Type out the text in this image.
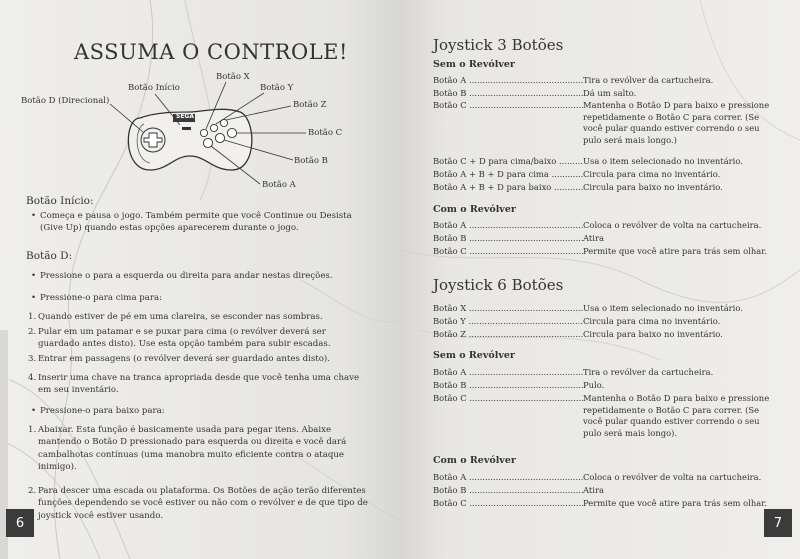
ASSUMA O CONTROLE!
Botão D (Direcional)
Botão Início
Botão X
Botão Y
Botão Z
Botão C
Botão B
Botão A
SEGA
Botão Início:
• Começa e pausa o jogo. Também permite que você Continue ou Desista (Give Up) quando estas opções aparecerem durante o jogo.
Botão D:
• Pressione o para a esquerda ou direita para andar nestas direções.
• Pressione-o para cima para:
1. Quando estiver de pé em uma clareira, se esconder nas sombras.
2. Pular em um patamar e se puxar para cima (o revólver deverá ser guardado antes disto). Use esta opção também para subir escadas.
3. Entrar em passagens (o revólver deverá ser guardado antes disto).
4. Inserir uma chave na tranca apropriada desde que você tenha uma chave em seu inventário.
• Pressione-o para baixo para:
1. Abaixar. Esta função é basicamente usada para pegar itens. Abaixe mantendo o Botão D pressionado para esquerda ou direita e você dará cambalhotas contínuas (uma manobra muito eficiente contra o ataque inimigo).
2. Para descer uma escada ou plataforma. Os Botões de ação terão diferentes funções dependendo se você estiver ou não com o revólver e de que tipo de joystick você estiver usando.
6
Joystick 3 Botões
Sem o Revólver
Botão A .....	Tira o revólver da cartucheira.
Botão B .....	Dá um salto.
Botão C .....	Mantenha o Botão D para baixo e pressione repetidamente o Botão C para correr. (Se você pular quando estiver correndo o seu pulo será mais longo.)
Botão C + D para cima/baixo .....	Usa o item selecionado no inventário.
Botão A + B + D para cima .....	Circula para cima no inventário.
Botão A + B + D para baixo .....	Circula para baixo no inventário.
Com o Revólver
Botão A .....	Coloca o revólver de volta na cartucheira.
Botão B .....	Atira
Botão C .....	Permite que você atire para trás sem olhar.
Joystick 6 Botões
Botão X .....	Usa o item selecionado no inventário.
Botão Y .....	Circula para cima no inventário.
Botão Z .....	Circula para baixo no inventário.
Sem o Revólver
Botão A .....	Tira o revólver da cartucheira.
Botão B .....	Pulo.
Botão C .....	Mantenha o Botão D para baixo e pressione repetidamente o Botão C para correr. (Se você pular quando estiver correndo o seu pulo será mais longo).
Com o Revólver
Botão A .....	Coloca o revólver de volta na cartucheira.
Botão B .....	Atira
Botão C .....	Permite que você atire para trás sem olhar.
7
